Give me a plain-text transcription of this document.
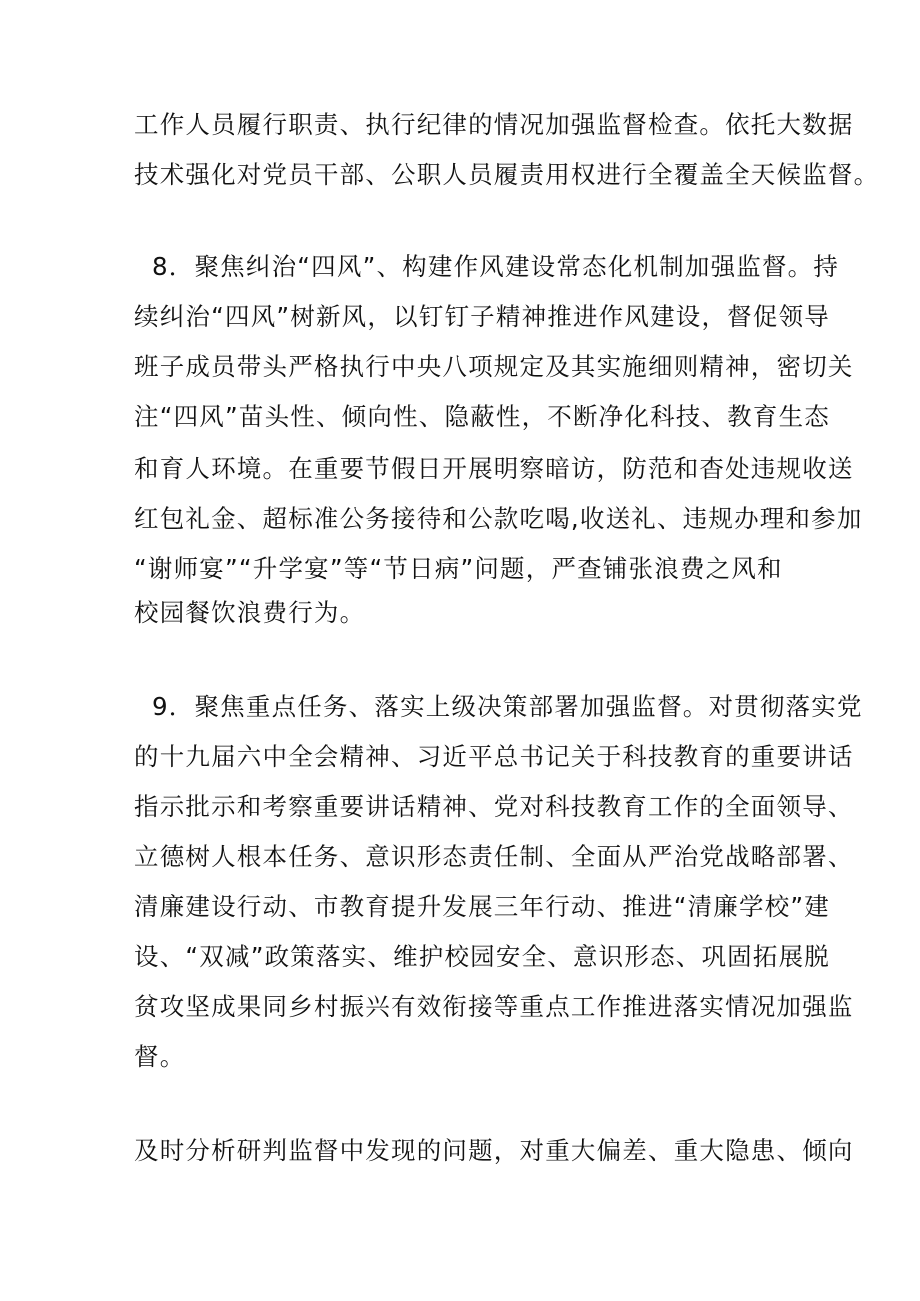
工作人员履行职责、执行纪律的情况加强监督检查。依托大数据
技术强化对党员干部、公职人员履责用权进行全覆盖全天候监督。
8．聚焦纠治“四风”、构建作风建设常态化机制加强监督。持
续纠治“四风”树新风，以钉钉子精神推进作风建设，督促领导
班子成员带头严格执行中央八项规定及其实施细则精神，密切关
注“四风”苗头性、倾向性、隐蔽性，不断净化科技、教育生态
和育人环境。在重要节假日开展明察暗访，防范和杳处违规收送
红包礼金、超标准公务接待和公款吃喝,收送礼、违规办理和参加
“谢师宴”“升学宴”等“节日病”问题，严查铺张浪费之风和
校园餐饮浪费行为。
9．聚焦重点任务、落实上级决策部署加强监督。对贯彻落实党
的十九届六中全会精神、习近平总书记关于科技教育的重要讲话
指示批示和考察重要讲话精神、党对科技教育工作的全面领导、
立德树人根本任务、意识形态责任制、全面从严治党战略部署、
清廉建设行动、市教育提升发展三年行动、推进“清廉学校”建
设、“双减”政策落实、维护校园安全、意识形态、巩固拓展脱
贫攻坚成果同乡村振兴有效衔接等重点工作推进落实情况加强监
督。
及时分析研判监督中发现的问题，对重大偏差、重大隐患、倾向
